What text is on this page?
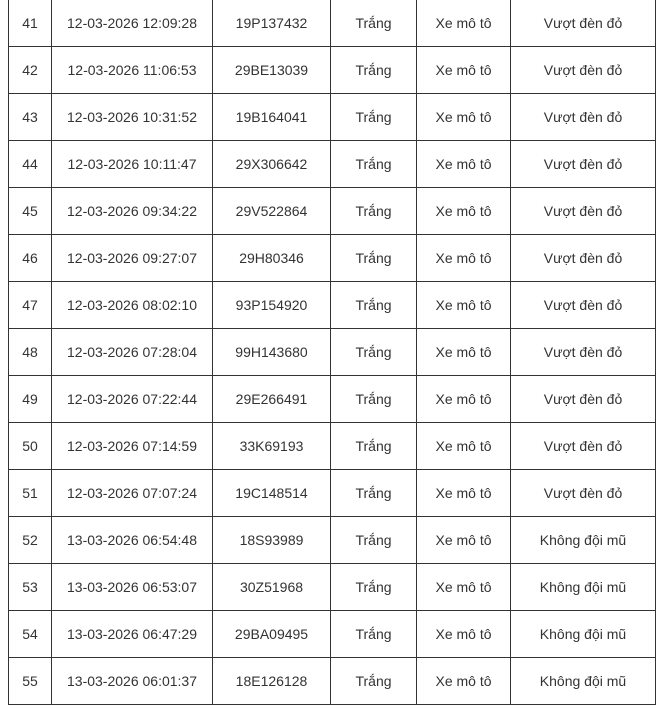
41	12-03-2026 12:09:28	19P137432	Trắng	Xe mô tô	Vượt đèn đỏ
42	12-03-2026 11:06:53	29BE13039	Trắng	Xe mô tô	Vượt đèn đỏ
43	12-03-2026 10:31:52	19B164041	Trắng	Xe mô tô	Vượt đèn đỏ
44	12-03-2026 10:11:47	29X306642	Trắng	Xe mô tô	Vượt đèn đỏ
45	12-03-2026 09:34:22	29V522864	Trắng	Xe mô tô	Vượt đèn đỏ
46	12-03-2026 09:27:07	29H80346	Trắng	Xe mô tô	Vượt đèn đỏ
47	12-03-2026 08:02:10	93P154920	Trắng	Xe mô tô	Vượt đèn đỏ
48	12-03-2026 07:28:04	99H143680	Trắng	Xe mô tô	Vượt đèn đỏ
49	12-03-2026 07:22:44	29E266491	Trắng	Xe mô tô	Vượt đèn đỏ
50	12-03-2026 07:14:59	33K69193	Trắng	Xe mô tô	Vượt đèn đỏ
51	12-03-2026 07:07:24	19C148514	Trắng	Xe mô tô	Vượt đèn đỏ
52	13-03-2026 06:54:48	18S93989	Trắng	Xe mô tô	Không đội mũ
53	13-03-2026 06:53:07	30Z51968	Trắng	Xe mô tô	Không đội mũ
54	13-03-2026 06:47:29	29BA09495	Trắng	Xe mô tô	Không đội mũ
55	13-03-2026 06:01:37	18E126128	Trắng	Xe mô tô	Không đội mũ
